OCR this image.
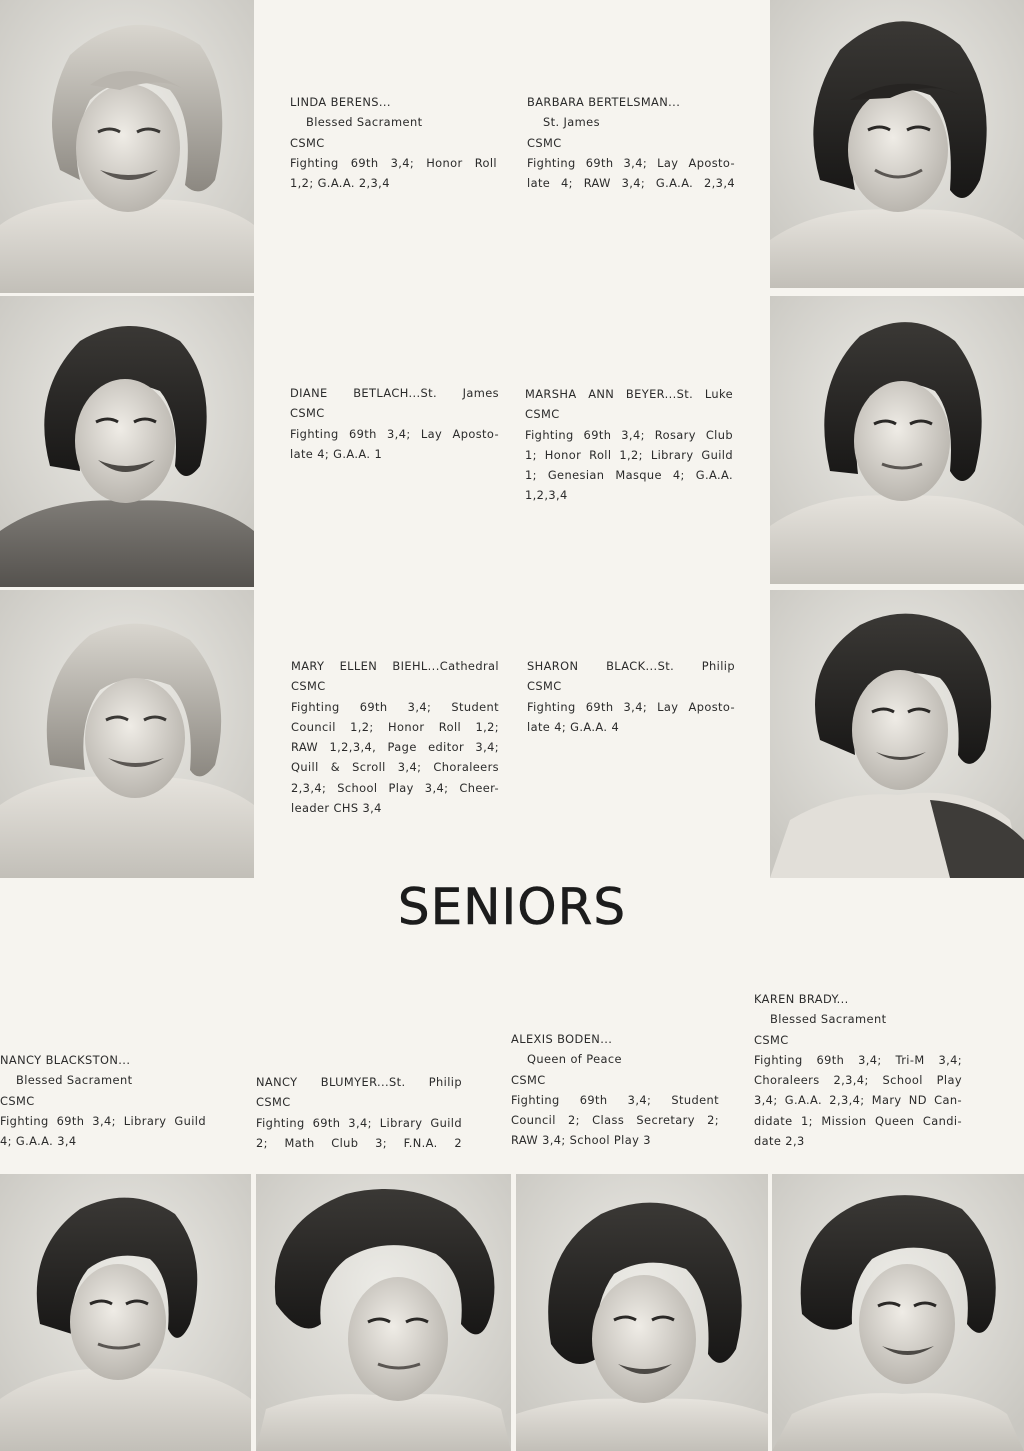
LINDA BERENS...
Blessed Sacrament
CSMC
Fighting 69th 3,4; Honor Roll
1,2; G.A.A. 2,3,4
BARBARA BERTELSMAN...
St. James
CSMC
Fighting 69th 3,4; Lay Aposto-
late 4; RAW 3,4; G.A.A. 2,3,4
DIANE BETLACH...St. James
CSMC
Fighting 69th 3,4; Lay Aposto-
late 4; G.A.A. 1
MARSHA ANN BEYER...St. Luke
CSMC
Fighting 69th 3,4; Rosary Club
1; Honor Roll 1,2; Library Guild
1; Genesian Masque 4; G.A.A.
1,2,3,4
MARY ELLEN BIEHL...Cathedral
CSMC
Fighting 69th 3,4; Student
Council 1,2; Honor Roll 1,2;
RAW 1,2,3,4, Page editor 3,4;
Quill & Scroll 3,4; Choraleers
2,3,4; School Play 3,4; Cheer-
leader CHS 3,4
SHARON BLACK...St. Philip
CSMC
Fighting 69th 3,4; Lay Aposto-
late 4; G.A.A. 4
SENIORS
NANCY BLACKSTON...
Blessed Sacrament
CSMC
Fighting 69th 3,4; Library Guild
4; G.A.A. 3,4
NANCY BLUMYER...St. Philip
CSMC
Fighting 69th 3,4; Library Guild
2; Math Club 3; F.N.A. 2
ALEXIS BODEN...
Queen of Peace
CSMC
Fighting 69th 3,4; Student
Council 2; Class Secretary 2;
RAW 3,4; School Play 3
KAREN BRADY...
Blessed Sacrament
CSMC
Fighting 69th 3,4; Tri-M 3,4;
Choraleers 2,3,4; School Play
3,4; G.A.A. 2,3,4; Mary ND Can-
didate 1; Mission Queen Candi-
date 2,3
